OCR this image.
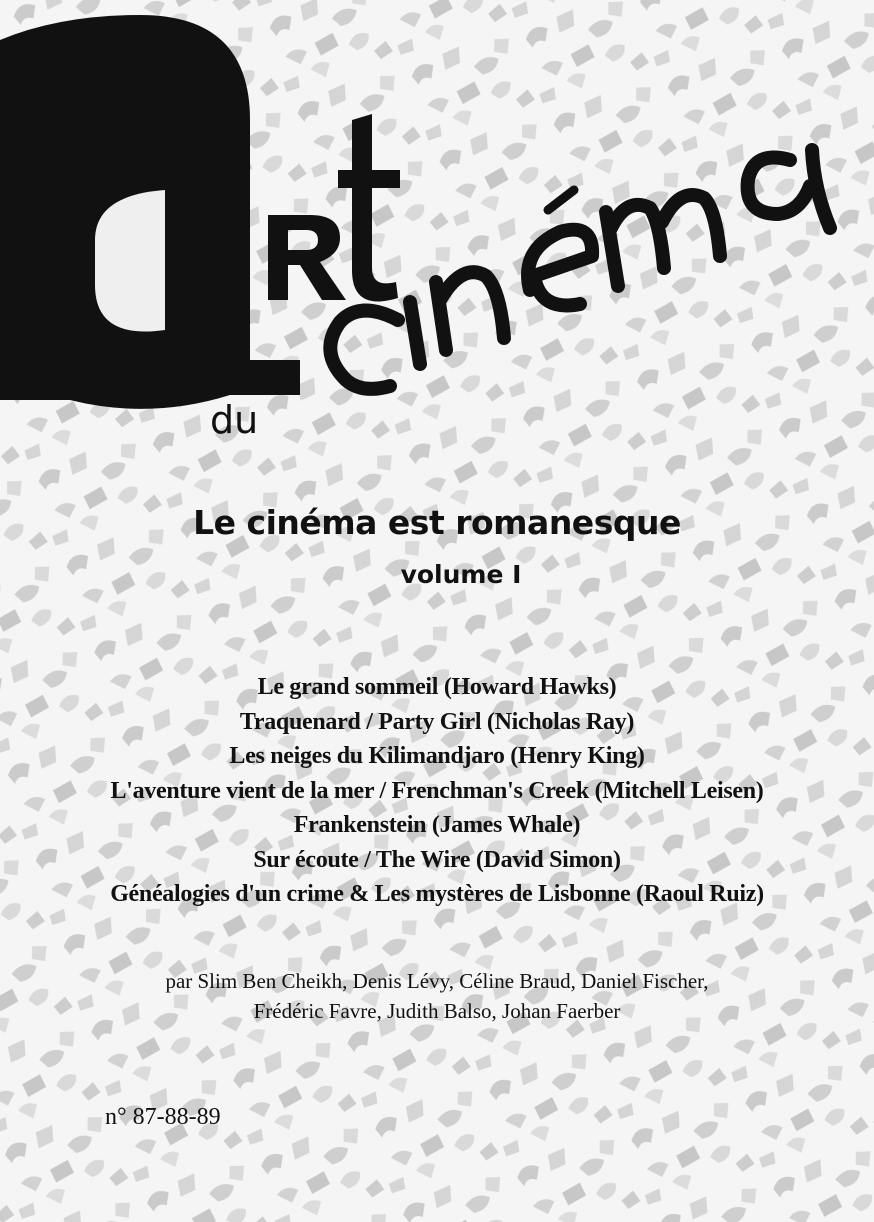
du
Le cinéma est romanesque
volume I
Le grand sommeil (Howard Hawks)
Traquenard / Party Girl (Nicholas Ray)
Les neiges du Kilimandjaro (Henry King)
L'aventure vient de la mer / Frenchman's Creek (Mitchell Leisen)
Frankenstein (James Whale)
Sur écoute / The Wire (David Simon)
Généalogies d'un crime & Les mystères de Lisbonne (Raoul Ruiz)
par Slim Ben Cheikh, Denis Lévy, Céline Braud, Daniel Fischer,
Frédéric Favre, Judith Balso, Johan Faerber
n° 87-88-89
